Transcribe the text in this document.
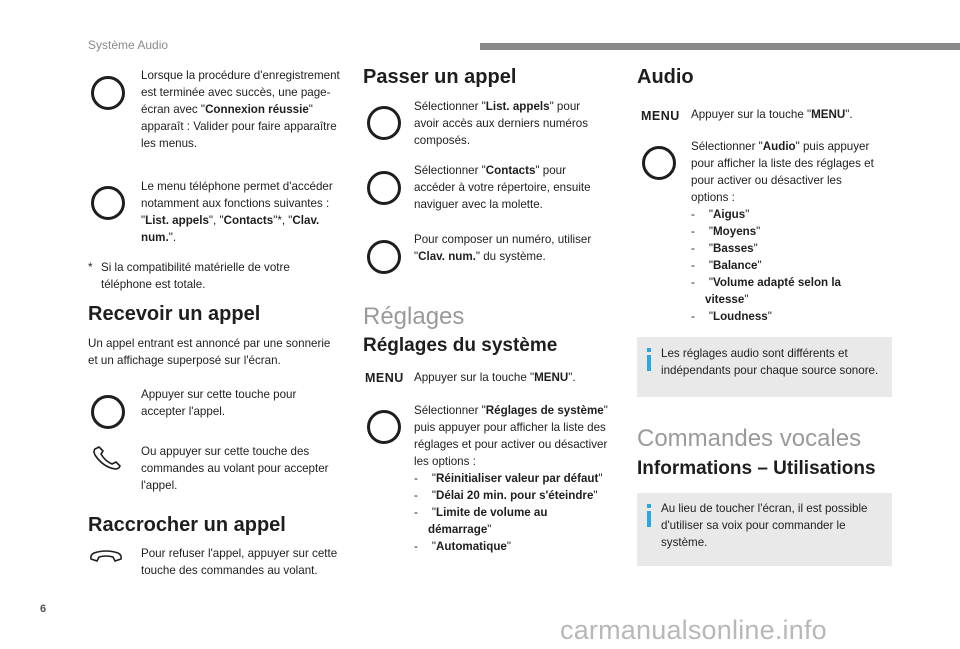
Système Audio
Lorsque la procédure d'enregistrement est terminée avec succès, une page-écran avec "Connexion réussie" apparaît : Valider pour faire apparaître les menus.
Le menu téléphone permet d'accéder notamment aux fonctions suivantes : "List. appels", "Contacts"*, "Clav. num.".
* Si la compatibilité matérielle de votre téléphone est totale.
Recevoir un appel
Un appel entrant est annoncé par une sonnerie et un affichage superposé sur l'écran.
Appuyer sur cette touche pour accepter l'appel.
Ou appuyer sur cette touche des commandes au volant pour accepter l'appel.
Raccrocher un appel
Pour refuser l'appel, appuyer sur cette touche des commandes au volant.
Passer un appel
Sélectionner "List. appels" pour avoir accès aux derniers numéros composés.
Sélectionner "Contacts" pour accéder à votre répertoire, ensuite naviguer avec la molette.
Pour composer un numéro, utiliser "Clav. num." du système.
Réglages
Réglages du système
MENU Appuyer sur la touche "MENU".
Sélectionner "Réglages de système" puis appuyer pour afficher la liste des réglages et pour activer ou désactiver les options :
- "Réinitialiser valeur par défaut"
- "Délai 20 min. pour s'éteindre"
- "Limite de volume au démarrage"
- "Automatique"
Audio
MENU Appuyer sur la touche "MENU".
Sélectionner "Audio" puis appuyer pour afficher la liste des réglages et pour activer ou désactiver les options :
- "Aigus"
- "Moyens"
- "Basses"
- "Balance"
- "Volume adapté selon la vitesse"
- "Loudness"
Les réglages audio sont différents et indépendants pour chaque source sonore.
Commandes vocales
Informations – Utilisations
Au lieu de toucher l'écran, il est possible d'utiliser sa voix pour commander le système.
6
carmanualsonline.info
